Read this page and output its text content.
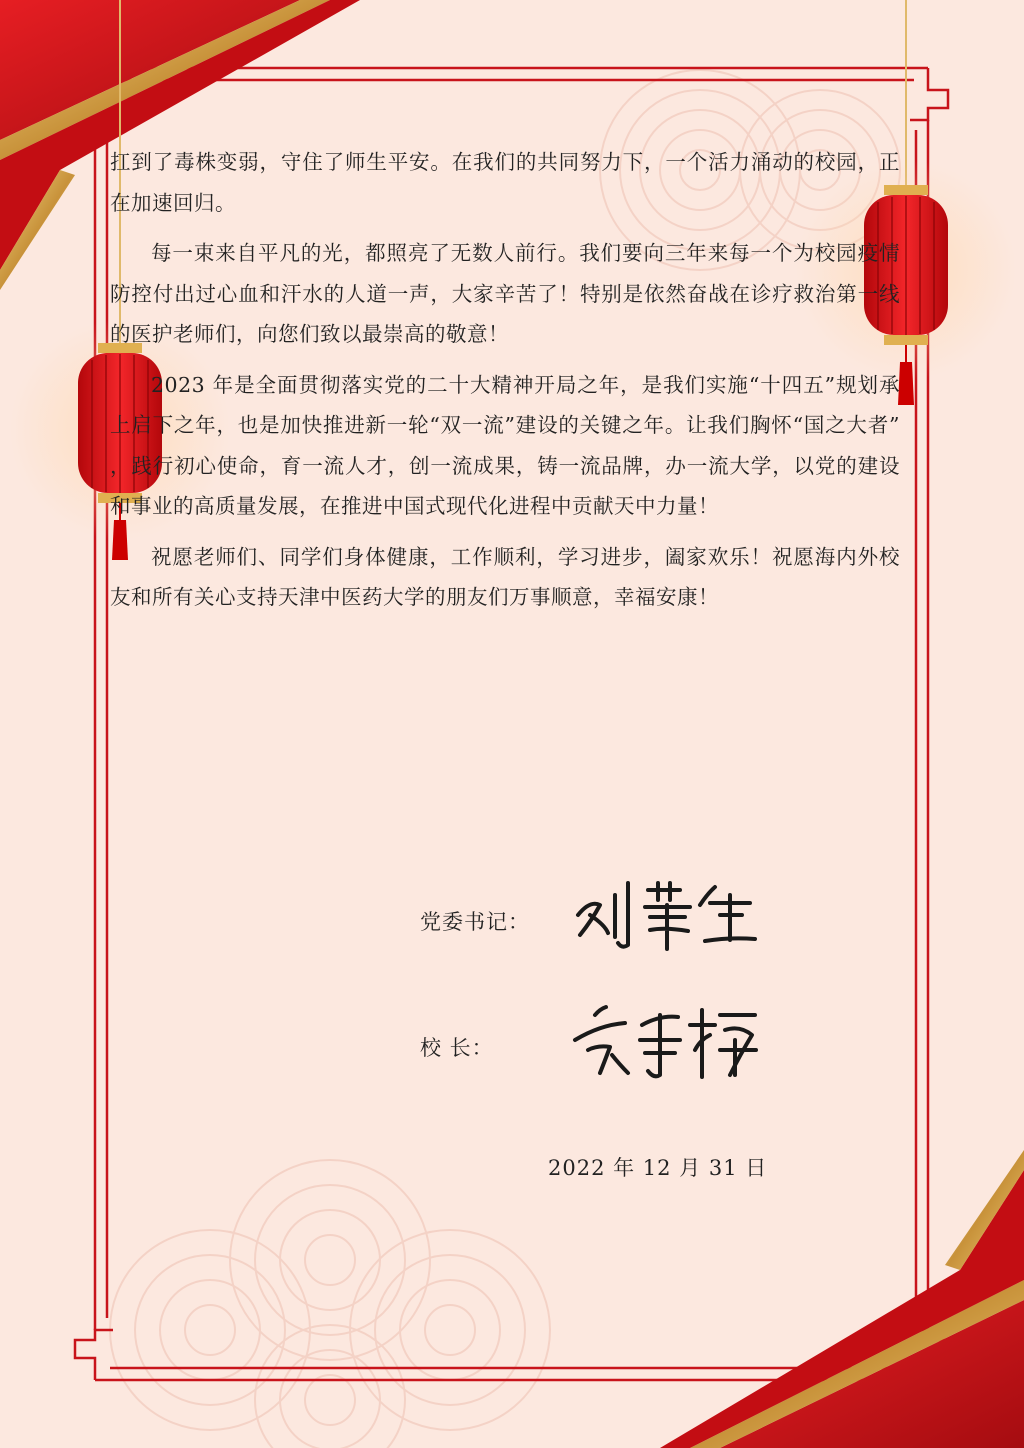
扛到了毒株变弱，守住了师生平安。在我们的共同努力下，一个活力涌动的校园，正在加速回归。

每一束来自平凡的光，都照亮了无数人前行。我们要向三年来每一个为校园疫情防控付出过心血和汗水的人道一声，大家辛苦了！特别是依然奋战在诊疗救治第一线的医护老师们，向您们致以最崇高的敬意！

2023 年是全面贯彻落实党的二十大精神开局之年，是我们实施“十四五”规划承上启下之年，也是加快推进新一轮“双一流”建设的关键之年。让我们胸怀“国之大者” ，践行初心使命，育一流人才，创一流成果，铸一流品牌，办一流大学，以党的建设和事业的高质量发展，在推进中国式现代化进程中贡献天中力量！

祝愿老师们、同学们身体健康，工作顺利，学习进步，阖家欢乐！祝愿海内外校友和所有关心支持天津中医药大学的朋友们万事顺意，幸福安康！

党委书记：
校 长：
2022 年 12 月 31 日
